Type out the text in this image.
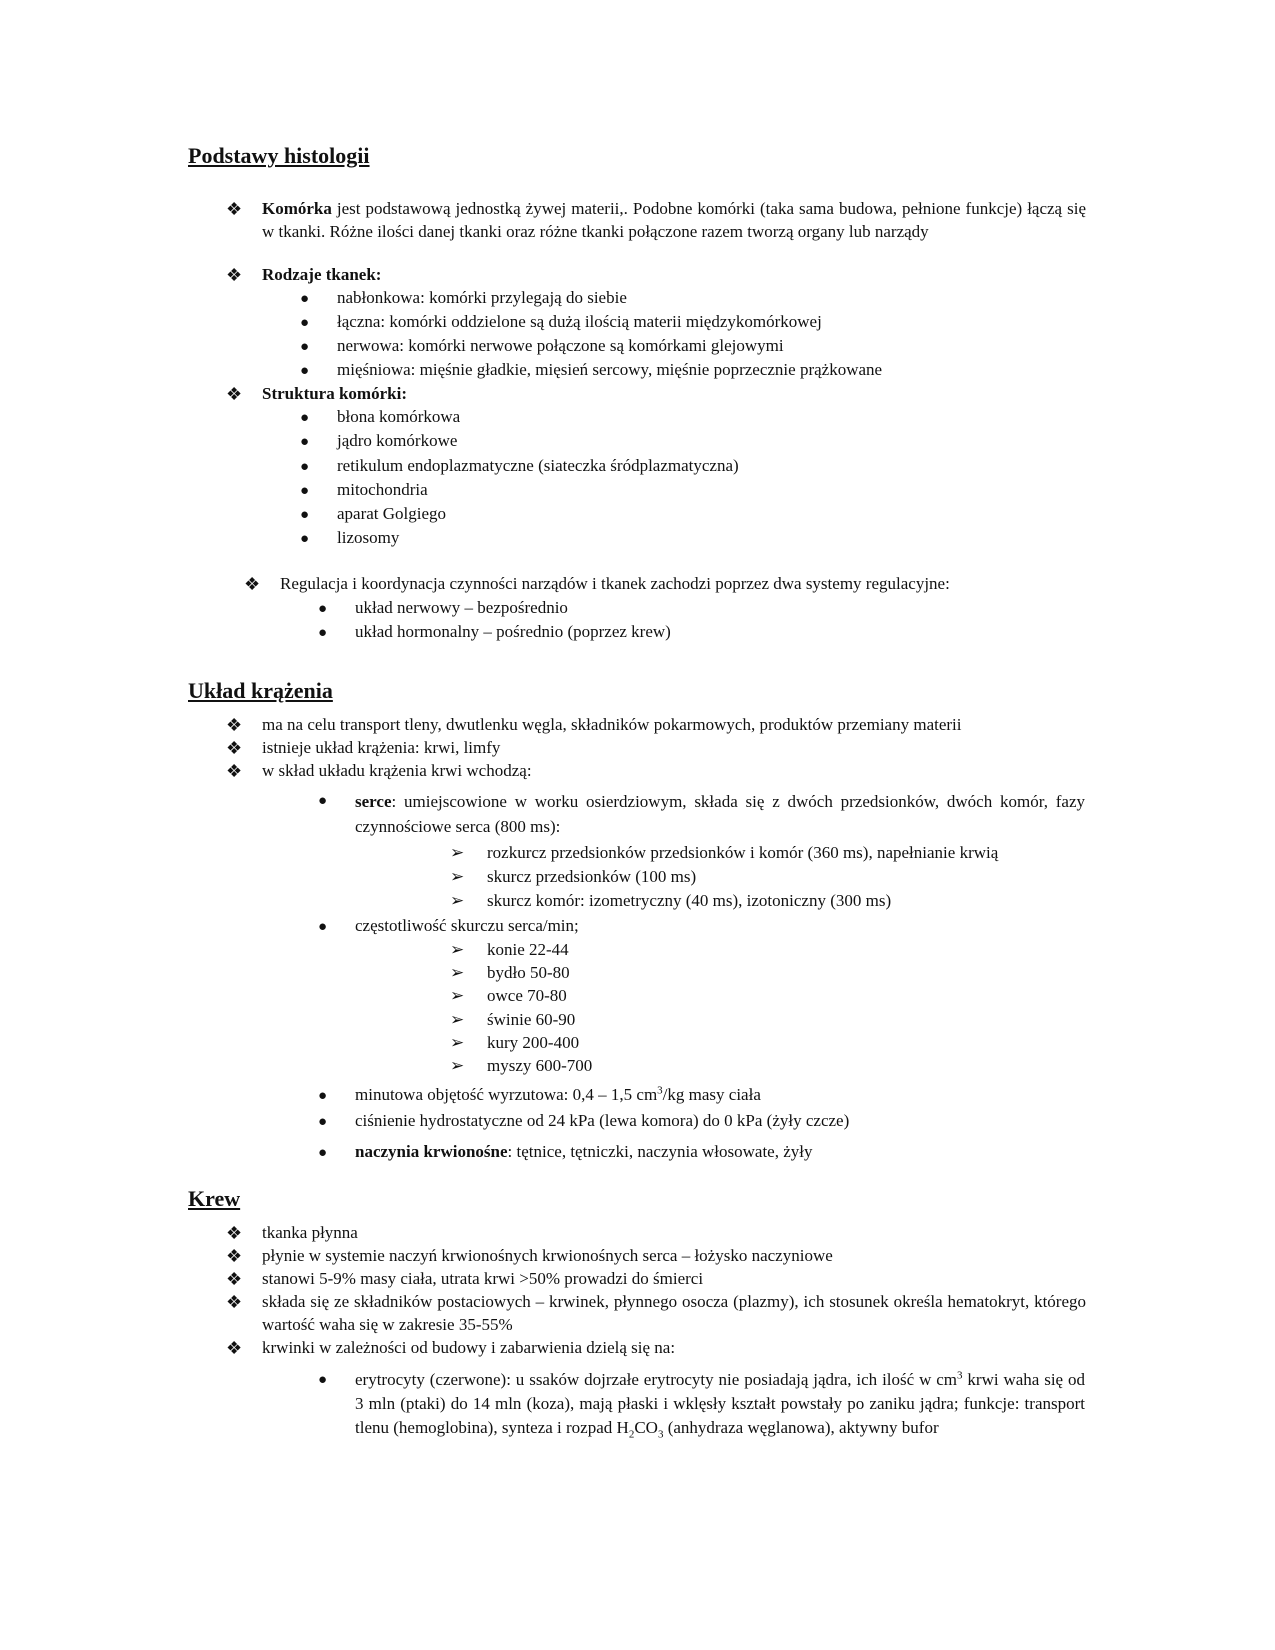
Podstawy histologii
❖ Komórka jest podstawową jednostką żywej materii,. Podobne komórki (taka sama budowa, pełnione funkcje) łączą się w tkanki. Różne ilości danej tkanki oraz różne tkanki połączone razem tworzą organy lub narządy
❖ Rodzaje tkanek:
● nabłonkowa: komórki przylegają do siebie
● łączna: komórki oddzielone są dużą ilością materii międzykomórkowej
● nerwowa: komórki nerwowe połączone są komórkami glejowymi
● mięśniowa: mięśnie gładkie, mięsień sercowy, mięśnie poprzecznie prążkowane
❖ Struktura komórki:
● błona komórkowa
● jądro komórkowe
● retikulum endoplazmatyczne (siateczka śródplazmatyczna)
● mitochondria
● aparat Golgiego
● lizosomy
❖ Regulacja i koordynacja czynności narządów i tkanek zachodzi poprzez dwa systemy regulacyjne:
● układ nerwowy – bezpośrednio
● układ hormonalny – pośrednio (poprzez krew)
Układ krążenia
❖ ma na celu transport tleny, dwutlenku węgla, składników pokarmowych, produktów przemiany materii
❖ istnieje układ krążenia: krwi, limfy
❖ w skład układu krążenia krwi wchodzą:
● serce: umiejscowione w worku osierdziowym, składa się z dwóch przedsionków, dwóch komór, fazy czynnościowe serca (800 ms):
➢ rozkurcz przedsionków przedsionków i komór (360 ms), napełnianie krwią
➢ skurcz przedsionków (100 ms)
➢ skurcz komór: izometryczny (40 ms), izotoniczny (300 ms)
● częstotliwość skurczu serca/min;
➢ konie 22-44
➢ bydło 50-80
➢ owce 70-80
➢ świnie 60-90
➢ kury 200-400
➢ myszy 600-700
● minutowa objętość wyrzutowa: 0,4 – 1,5 $cm^3/kg$ masy ciała
● ciśnienie hydrostatyczne od 24 kPa (lewa komora) do 0 kPa (żyły czcze)
● naczynia krwionośne: tętnice, tętniczki, naczynia włosowate, żyły
Krew
❖ tkanka płynna
❖ płynie w systemie naczyń krwionośnych krwionośnych serca – łożysko naczyniowe
❖ stanowi 5-9% masy ciała, utrata krwi >50% prowadzi do śmierci
❖ składa się ze składników postaciowych – krwinek, płynnego osocza (plazmy), ich stosunek określa hematokryt, którego wartość waha się w zakresie 35-55%
❖ krwinki w zależności od budowy i zabarwienia dzielą się na:
● erytrocyty (czerwone): u ssaków dojrzałe erytrocyty nie posiadają jądra, ich ilość w $cm^3$ krwi waha się od 3 mln (ptaki) do 14 mln (koza), mają płaski i wklęsły kształt powstały po zaniku jądra; funkcje: transport tlenu (hemoglobina), synteza i rozpad $H_2CO_3$ (anhydraza węglanowa), aktywny bufor
